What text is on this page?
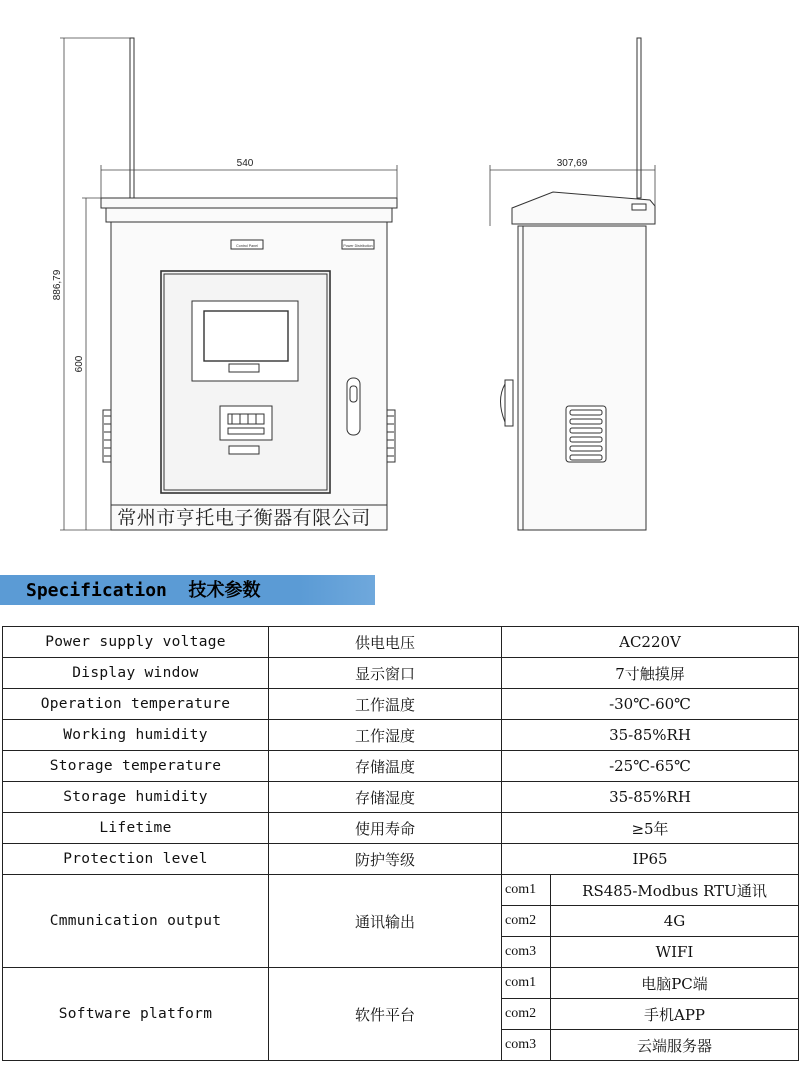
540	307,69
886,79
600
Control Panel	Power Distribution
常州市亨托电子衡器有限公司
Specification  技术参数
Power supply voltage	供电电压	AC220V	
Display window	显示窗口	7寸触摸屏	
Operation temperature	工作温度	-30℃-60℃	
Working humidity	工作湿度	35-85%RH	
Storage temperature	存储温度	-25℃-65℃	
Storage humidity	存储湿度	35-85%RH	
Lifetime	使用寿命	≥5年	
Protection level	防护等级	IP65	
Cmmunication output	通讯输出	com1	RS485-Modbus RTU通讯
		com2	4G
		com3	WIFI
Software platform	软件平台	com1	电脑PC端
		com2	手机APP
		com3	云端服务器
